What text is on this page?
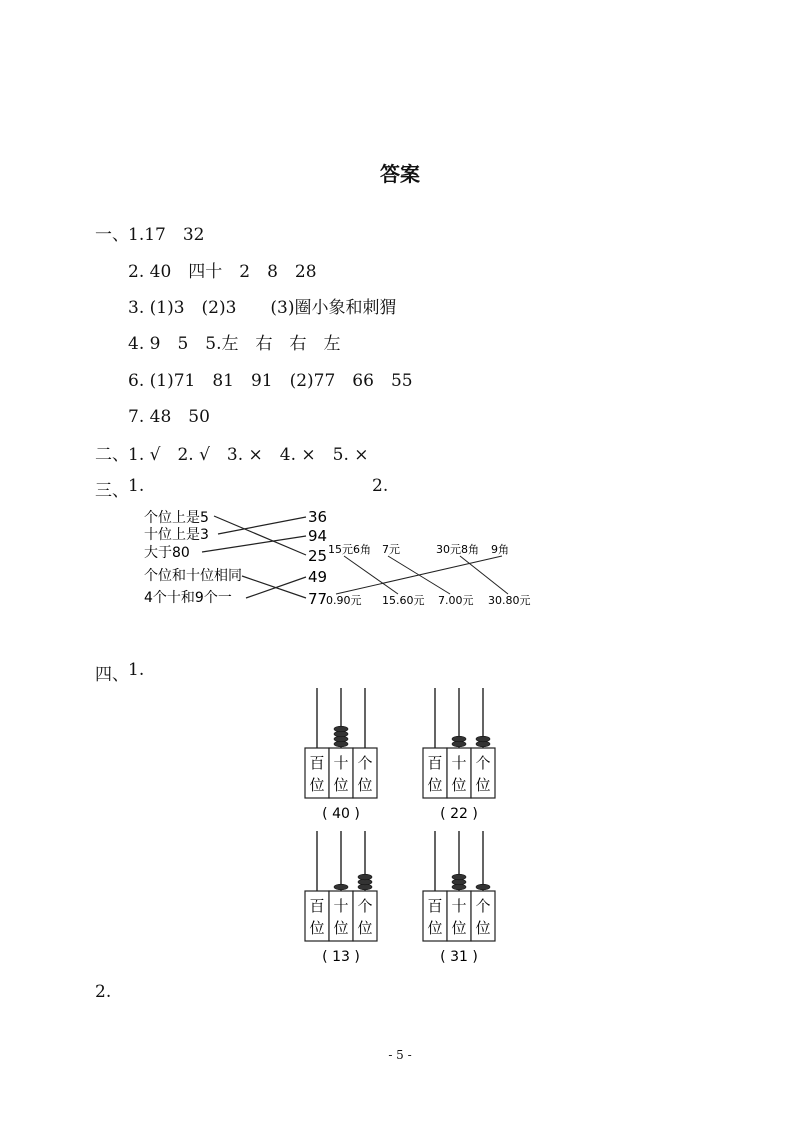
答案
一、 1.17　32
2. 40　四十　2　8　28
3. (1)3　(2)3　　(3)圈小象和刺猬
4. 9　5　5.左　右　右　左
6. (1)71　81　91　(2)77　66　55
7. 48　50
二、 1. √　2. √　3. ×　4. ×　5. ×
三、 1.	2.
个位上是5
十位上是3
大于80
个位和十位相同
4个十和9个一
36
94
25
49
77
15元6角 7元	30元8角 9角
0.90元 15.60元 7.00元 30.80元
四、 1.
百
位
十
位
个
位
( 40 )
百
位
十
位
个
位
( 22 )
百
位
十
位
个
位
( 13 )
百
位
十
位
个
位
( 31 )
2.
- 5 -
